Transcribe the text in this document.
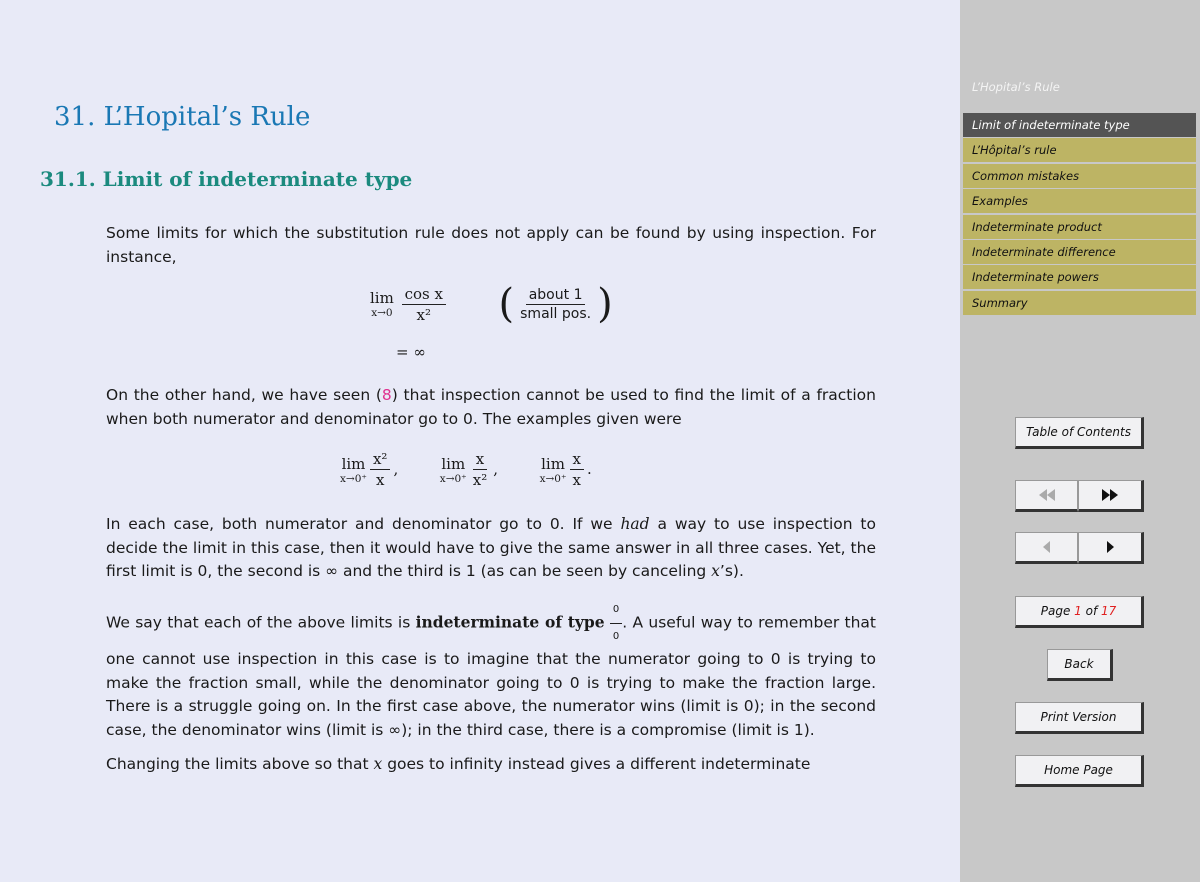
31. L’Hopital’s Rule
31.1. Limit of indeterminate type
Some limits for which the substitution rule does not apply can be found by using inspection. For instance,
lim
x→0
$\frac{\text{cos x}}{\text{x²}}$ ( $\frac{\text{about 1}}{\text{small pos.}}$ )
= ∞
On the other hand, we have seen (8) that inspection cannot be used to find the limit of a fraction when both numerator and denominator go to 0. The examples given were
lim
$x\to 0^+ \frac{\text{x²}}{x}$ ,	lim
$x\to 0^+ \frac{x}{\text{x²}}$ ,	lim
$x\to 0^+ \frac{x}{x}$ .
In each case, both numerator and denominator go to 0. If we had a way to use inspection to decide the limit in this case, then it would have to give the same answer in all three cases. Yet, the first limit is 0, the second is ∞ and the third is 1 (as can be seen by canceling x’s).
We say that each of the above limits is indeterminate of type $\frac{0}{0}$ . A useful way to remember that one cannot use inspection in this case is to imagine that the numerator going to 0 is trying to make the fraction small, while the denominator going to 0 is trying to make the fraction large. There is a struggle going on. In the first case above, the numerator wins (limit is 0); in the second case, the denominator wins (limit is ∞); in the third case, there is a compromise (limit is 1).
Changing the limits above so that x goes to infinity instead gives a different indeterminate
L’Hopital’s Rule
Limit of indeterminate type
L’Hôpital’s rule
Common mistakes
Examples
Indeterminate product
Indeterminate difference
Indeterminate powers
Summary
Table of Contents
Page 1 of 17
Back
Print Version
Home Page
